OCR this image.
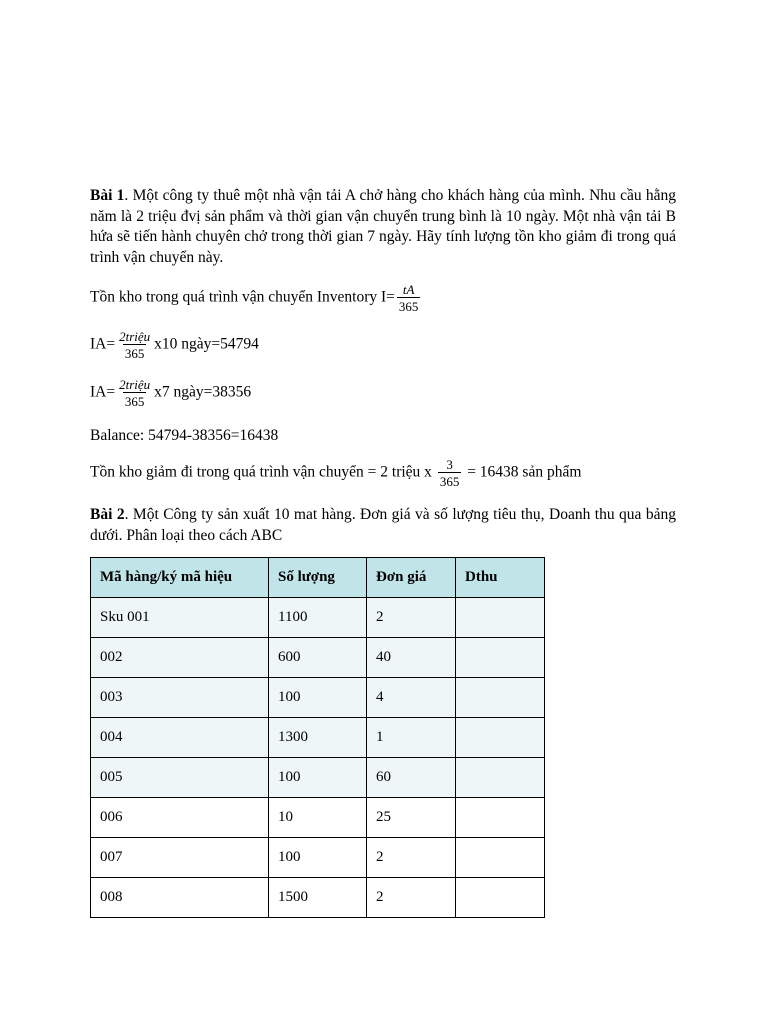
Bài 1. Một công ty thuê một nhà vận tải A chở hàng cho khách hàng của mình. Nhu cầu hằng năm là 2 triệu đvị sản phẩm và thời gian vận chuyển trung bình là 10 ngày. Một nhà vận tải B hứa sẽ tiến hành chuyên chở trong thời gian 7 ngày. Hãy tính lượng tồn kho giảm đi trong quá trình vận chuyển này.

Tồn kho trong quá trình vận chuyển Inventory $I= \frac{tA}{365}$

$IA= \frac{\text{2triệu}}{365} x10$ ngày=54794

$IA= \frac{\text{2triệu}}{365} x7$ ngày=38356

Balance: 54794-38356=16438

Tồn kho giảm đi trong quá trình vận chuyển = 2 triệu x $\frac{3}{365} = 16438$ sản phẩm

Bài 2. Một Công ty sản xuất 10 mat hàng. Đơn giá và số lượng tiêu thụ, Doanh thu qua bảng dưới. Phân loại theo cách ABC

Mã hàng/ký mã hiệu	Số lượng	Đơn giá	Dthu
Sku 001	1100	2	
002	600	40	
003	100	4	
004	1300	1	
005	100	60	
006	10	25	
007	100	2	
008	1500	2	
